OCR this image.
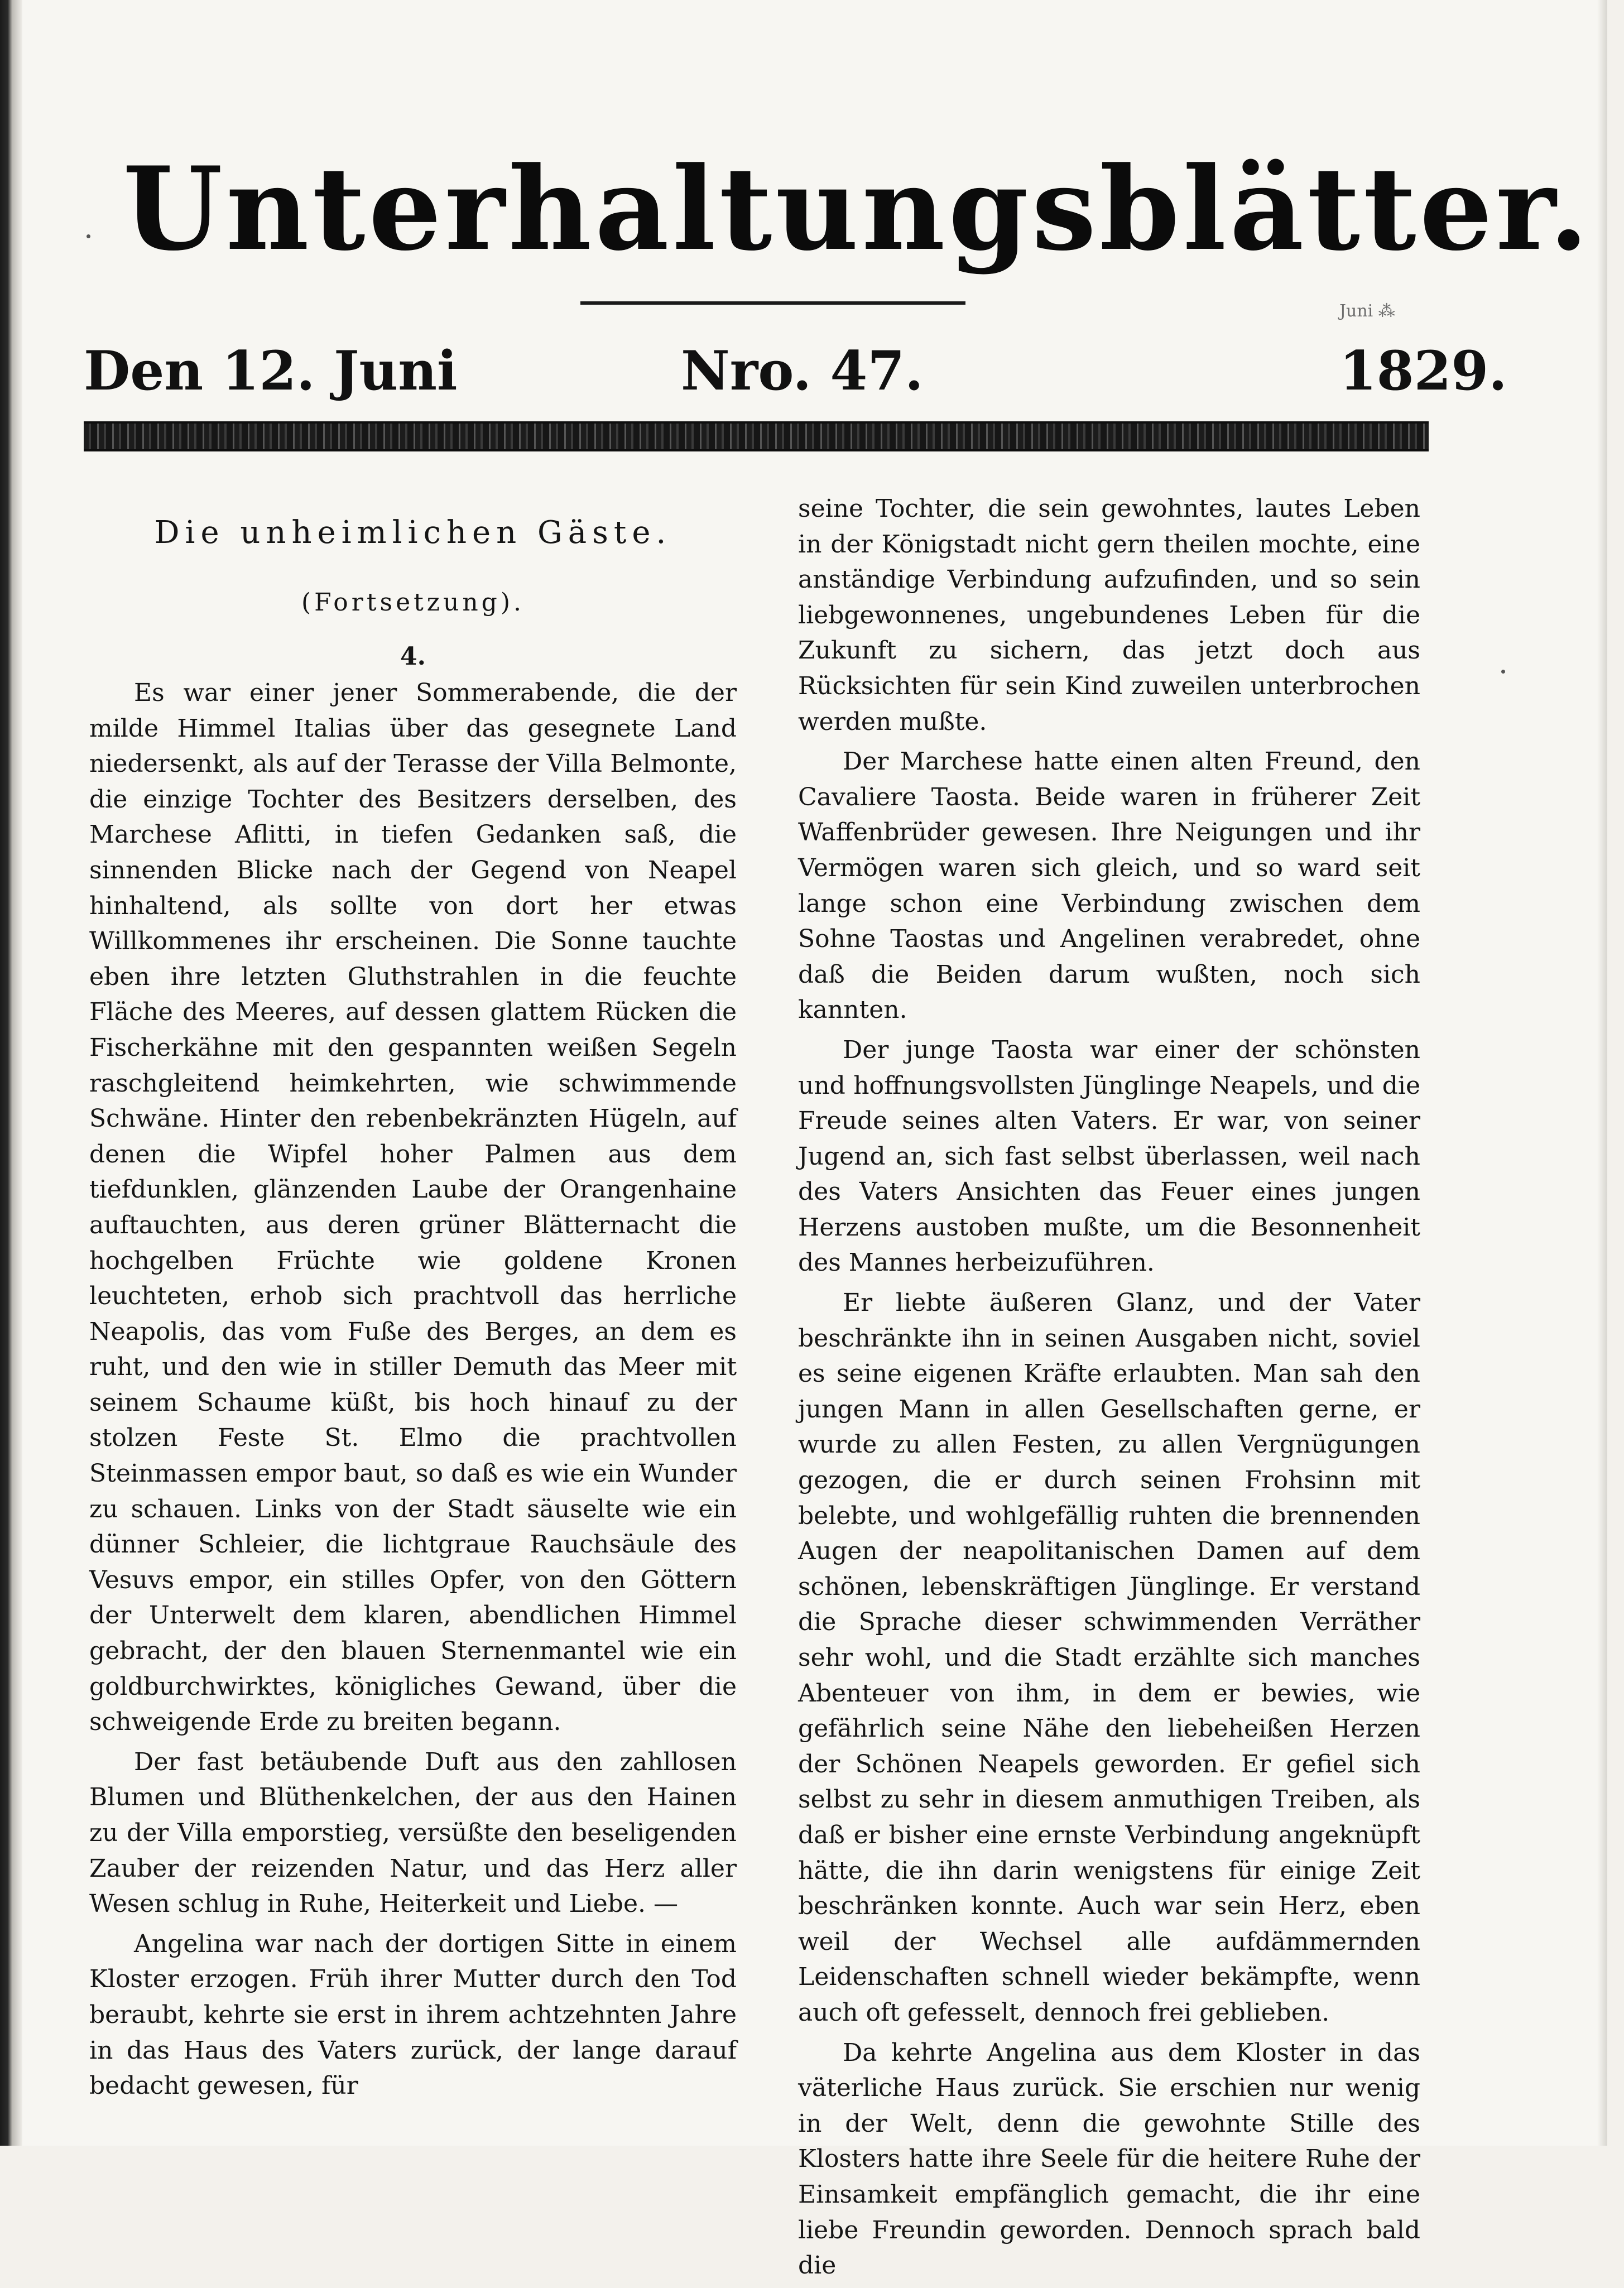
Unterhaltungsblätter.
Juni ⁂
Den 12. Juni	Nro. 47.	1829.
Die unheimlichen Gäste.
(Fortsetzung).
4.

Es war einer jener Sommerabende, die der milde Himmel Italias über das gesegnete Land niedersenkt, als auf der Terasse der Villa Belmonte, die einzige Tochter des Besitzers derselben, des Marchese Aflitti, in tiefen Gedanken saß, die sinnenden Blicke nach der Gegend von Neapel hinhaltend, als sollte von dort her etwas Willkommenes ihr erscheinen. Die Sonne tauchte eben ihre letzten Gluthstrahlen in die feuchte Fläche des Meeres, auf dessen glattem Rücken die Fischerkähne mit den gespannten weißen Segeln raschgleitend heimkehrten, wie schwimmende Schwäne. Hinter den rebenbekränzten Hügeln, auf denen die Wipfel hoher Palmen aus dem tiefdunklen, glänzenden Laube der Orangenhaine auftauchten, aus deren grüner Blätternacht die hochgelben Früchte wie goldene Kronen leuchteten, erhob sich prachtvoll das herrliche Neapolis, das vom Fuße des Berges, an dem es ruht, und den wie in stiller Demuth das Meer mit seinem Schaume küßt, bis hoch hinauf zu der stolzen Feste St. Elmo die prachtvollen Steinmassen empor baut, so daß es wie ein Wunder zu schauen. Links von der Stadt säuselte wie ein dünner Schleier, die lichtgraue Rauchsäule des Vesuvs empor, ein stilles Opfer, von den Göttern der Unterwelt dem klaren, abendlichen Himmel gebracht, der den blauen Sternenmantel wie ein goldburchwirktes, königliches Gewand, über die schweigende Erde zu breiten begann.

Der fast betäubende Duft aus den zahllosen Blumen und Blüthenkelchen, der aus den Hainen zu der Villa emporstieg, versüßte den beseligenden Zauber der reizenden Natur, und das Herz aller Wesen schlug in Ruhe, Heiterkeit und Liebe. —

Angelina war nach der dortigen Sitte in einem Kloster erzogen. Früh ihrer Mutter durch den Tod beraubt, kehrte sie erst in ihrem achtzehnten Jahre in das Haus des Vaters zurück, der lange darauf bedacht gewesen, für

seine Tochter, die sein gewohntes, lautes Leben in der Königstadt nicht gern theilen mochte, eine anständige Verbindung aufzufinden, und so sein liebgewonnenes, ungebundenes Leben für die Zukunft zu sichern, das jetzt doch aus Rücksichten für sein Kind zuweilen unterbrochen werden mußte.

Der Marchese hatte einen alten Freund, den Cavaliere Taosta. Beide waren in früherer Zeit Waffenbrüder gewesen. Ihre Neigungen und ihr Vermögen waren sich gleich, und so ward seit lange schon eine Verbindung zwischen dem Sohne Taostas und Angelinen verabredet, ohne daß die Beiden darum wußten, noch sich kannten.

Der junge Taosta war einer der schönsten und hoffnungsvollsten Jünglinge Neapels, und die Freude seines alten Vaters. Er war, von seiner Jugend an, sich fast selbst überlassen, weil nach des Vaters Ansichten das Feuer eines jungen Herzens austoben mußte, um die Besonnenheit des Mannes herbeizuführen.

Er liebte äußeren Glanz, und der Vater beschränkte ihn in seinen Ausgaben nicht, soviel es seine eigenen Kräfte erlaubten. Man sah den jungen Mann in allen Gesellschaften gerne, er wurde zu allen Festen, zu allen Vergnügungen gezogen, die er durch seinen Frohsinn mit belebte, und wohlgefällig ruhten die brennenden Augen der neapolitanischen Damen auf dem schönen, lebenskräftigen Jünglinge. Er verstand die Sprache dieser schwimmenden Verräther sehr wohl, und die Stadt erzählte sich manches Abenteuer von ihm, in dem er bewies, wie gefährlich seine Nähe den liebeheißen Herzen der Schönen Neapels geworden. Er gefiel sich selbst zu sehr in diesem anmuthigen Treiben, als daß er bisher eine ernste Verbindung angeknüpft hätte, die ihn darin wenigstens für einige Zeit beschränken konnte. Auch war sein Herz, eben weil der Wechsel alle aufdämmernden Leidenschaften schnell wieder bekämpfte, wenn auch oft gefesselt, dennoch frei geblieben.

Da kehrte Angelina aus dem Kloster in das väterliche Haus zurück. Sie erschien nur wenig in der Welt, denn die gewohnte Stille des Klosters hatte ihre Seele für die heitere Ruhe der Einsamkeit empfänglich gemacht, die ihr eine liebe Freundin geworden. Dennoch sprach bald die
